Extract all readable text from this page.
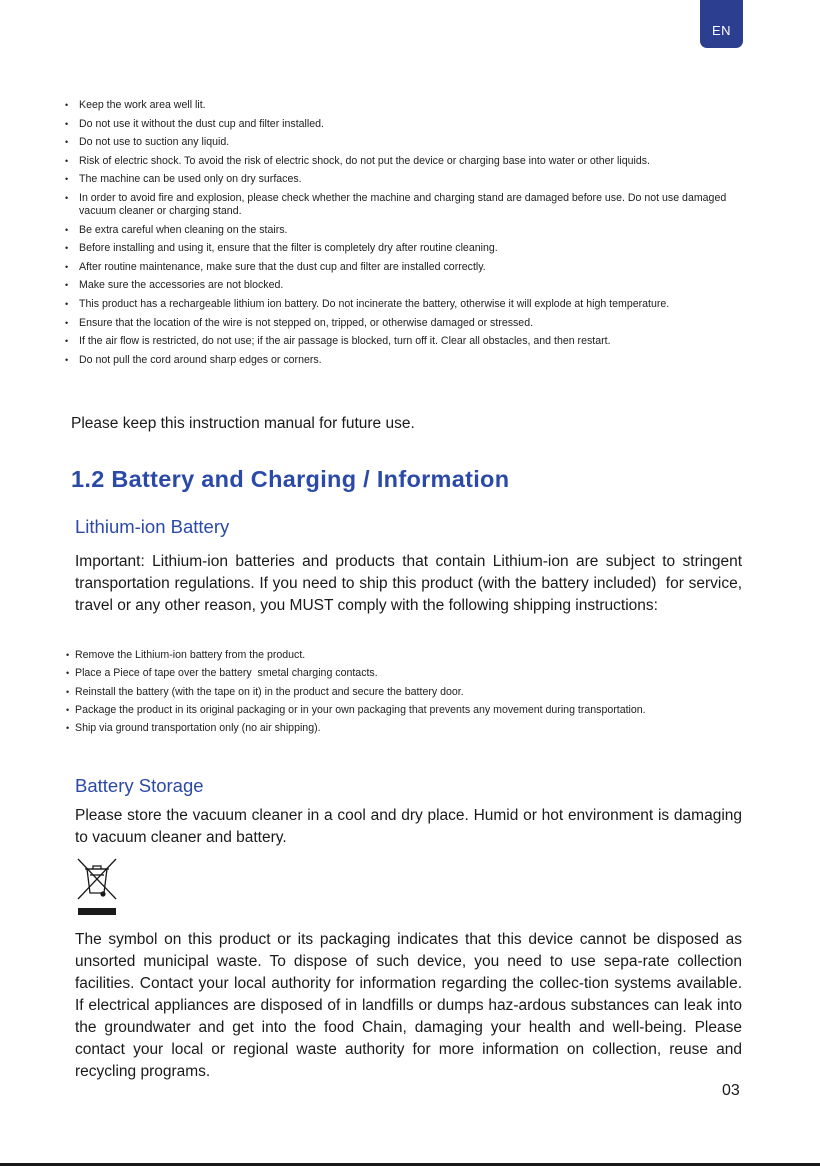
EN
• Keep the work area well lit.
• Do not use it without the dust cup and filter installed.
• Do not use to suction any liquid.
• Risk of electric shock. To avoid the risk of electric shock, do not put the device or charging base into water or other liquids.
• The machine can be used only on dry surfaces.
• In order to avoid fire and explosion, please check whether the machine and charging stand are damaged before use. Do not use damaged vacuum cleaner or charging stand.
• Be extra careful when cleaning on the stairs.
• Before installing and using it, ensure that the filter is completely dry after routine cleaning.
• After routine maintenance, make sure that the dust cup and filter are installed correctly.
• Make sure the accessories are not blocked.
• This product has a rechargeable lithium ion battery. Do not incinerate the battery, otherwise it will explode at high temperature.
• Ensure that the location of the wire is not stepped on, tripped, or otherwise damaged or stressed.
• If the air flow is restricted, do not use; if the air passage is blocked, turn off it. Clear all obstacles, and then restart.
• Do not pull the cord around sharp edges or corners.
Please keep this instruction manual for future use.
1.2 Battery and Charging / Information
Lithium-ion Battery
Important: Lithium-ion batteries and products that contain Lithium-ion are subject to stringent transportation regulations. If you need to ship this product (with the battery included)  for service, travel or any other reason, you MUST comply with the following shipping instructions:
• Remove the Lithium-ion battery from the product.
• Place a Piece of tape over the battery  smetal charging contacts.
• Reinstall the battery (with the tape on it) in the product and secure the battery door.
• Package the product in its original packaging or in your own packaging that prevents any movement during transportation.
• Ship via ground transportation only (no air shipping).
Battery Storage
Please store the vacuum cleaner in a cool and dry place. Humid or hot environment is damaging to vacuum cleaner and battery.
The symbol on this product or its packaging indicates that this device cannot be disposed as unsorted municipal waste. To dispose of such device, you need to use sepa-rate collection facilities. Contact your local authority for information regarding the collec-tion systems available. If electrical appliances are disposed of in landfills or dumps haz-ardous substances can leak into the groundwater and get into the food Chain, damaging your health and well-being. Please contact your local or regional waste authority for more information on collection, reuse and recycling programs.
03
